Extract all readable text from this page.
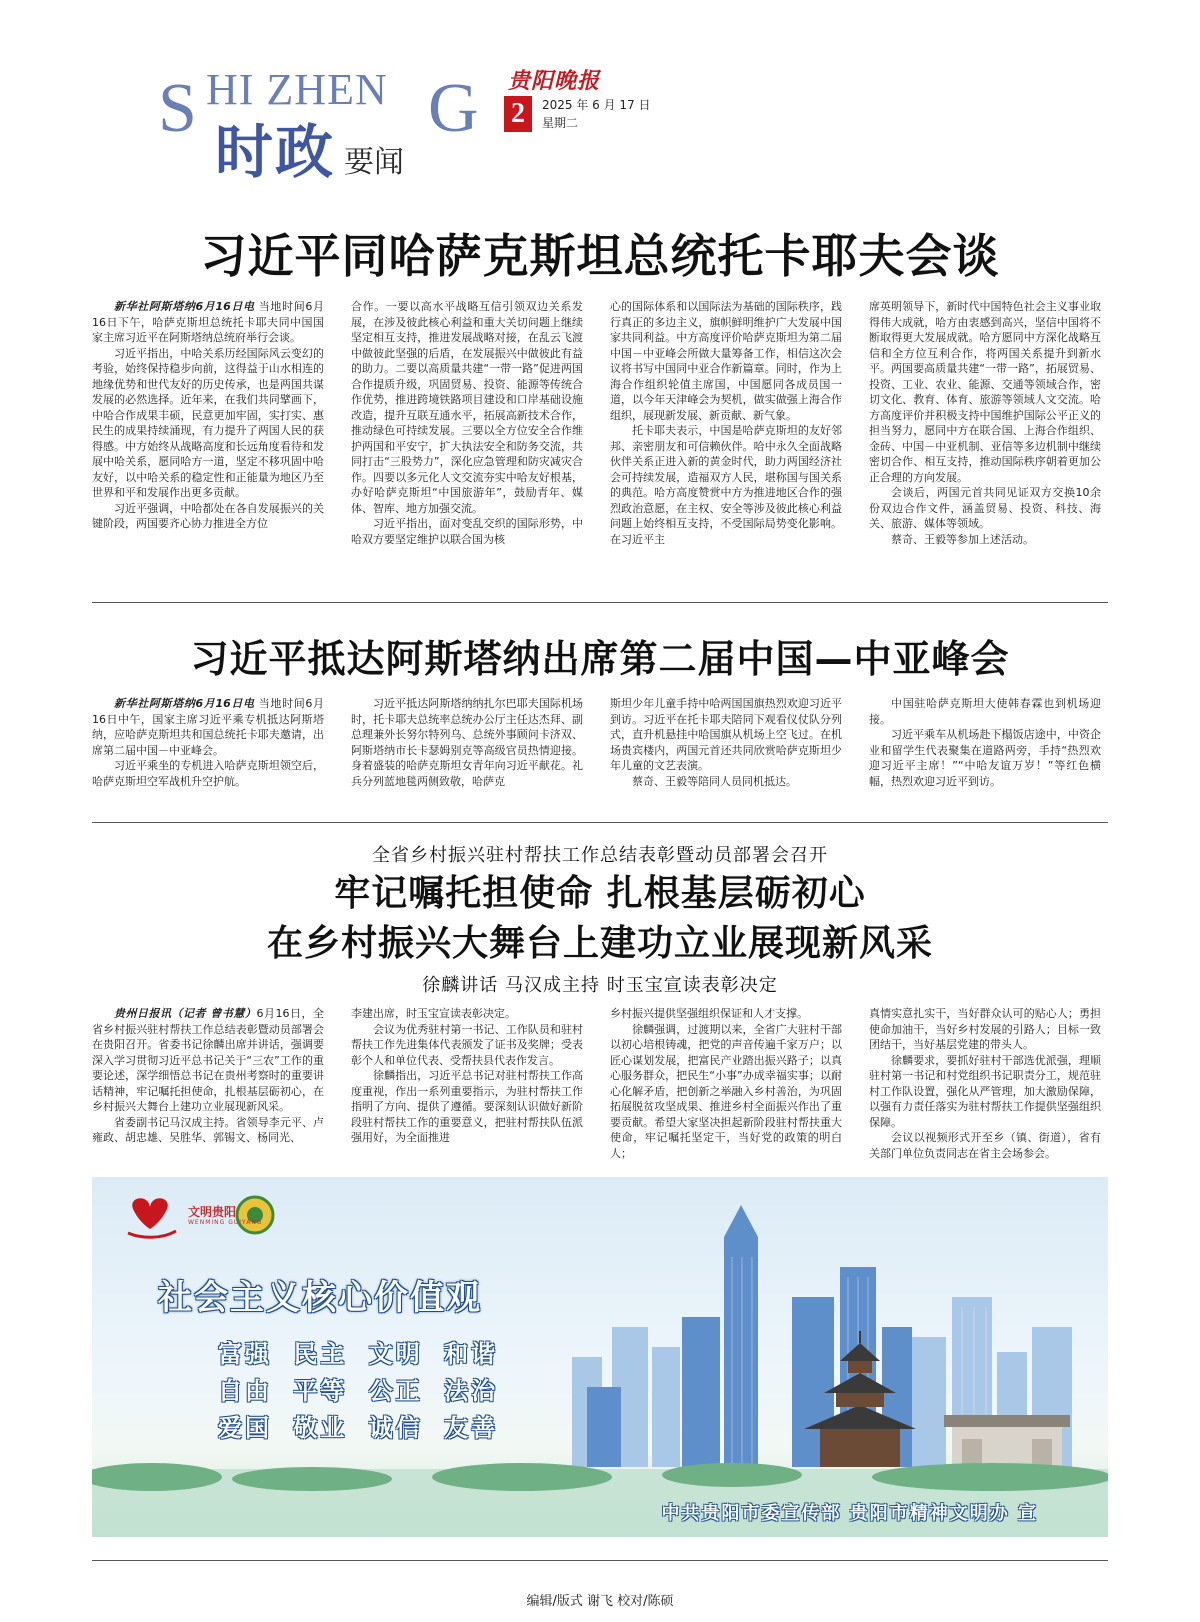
S HI ZHEN G
时政 要闻
贵阳晚报
2	2025 年 6 月 17 日
星期二
习近平同哈萨克斯坦总统托卡耶夫会谈

新华社阿斯塔纳6月16日电 当地时间6月16日下午，哈萨克斯坦总统托卡耶夫同中国国家主席习近平在阿斯塔纳总统府举行会谈。

习近平指出，中哈关系历经国际风云变幻的考验，始终保持稳步向前，这得益于山水相连的地缘优势和世代友好的历史传承，也是两国共谋发展的必然选择。近年来，在我们共同擘画下，中哈合作成果丰硕，民意更加牢固，实打实、惠民生的成果持续涌现，有力提升了两国人民的获得感。中方始终从战略高度和长远角度看待和发展中哈关系，愿同哈方一道，坚定不移巩固中哈友好，以中哈关系的稳定性和正能量为地区乃至世界和平和发展作出更多贡献。

习近平强调，中哈都处在各自发展振兴的关键阶段，两国要齐心协力推进全方位

合作。一要以高水平战略互信引领双边关系发展，在涉及彼此核心利益和重大关切问题上继续坚定相互支持，推进发展战略对接，在乱云飞渡中做彼此坚强的后盾，在发展振兴中做彼此有益的助力。二要以高质量共建“一带一路”促进两国合作提质升级，巩固贸易、投资、能源等传统合作优势，推进跨境铁路项目建设和口岸基础设施改造，提升互联互通水平，拓展高新技术合作，推动绿色可持续发展。三要以全方位安全合作维护两国和平安宁，扩大执法安全和防务交流，共同打击“三股势力”，深化应急管理和防灾减灾合作。四要以多元化人文交流夯实中哈友好根基，办好哈萨克斯坦“中国旅游年”，鼓励青年、媒体、智库、地方加强交流。

习近平指出，面对变乱交织的国际形势，中哈双方要坚定维护以联合国为核

心的国际体系和以国际法为基础的国际秩序，践行真正的多边主义，旗帜鲜明维护广大发展中国家共同利益。中方高度评价哈萨克斯坦为第二届中国－中亚峰会所做大量筹备工作，相信这次会议将书写中国同中亚合作新篇章。同时，作为上海合作组织轮值主席国，中国愿同各成员国一道，以今年天津峰会为契机，做实做强上海合作组织，展现新发展、新贡献、新气象。

托卡耶夫表示，中国是哈萨克斯坦的友好邻邦、亲密朋友和可信赖伙伴。哈中永久全面战略伙伴关系正进入新的黄金时代，助力两国经济社会可持续发展，造福双方人民，堪称国与国关系的典范。哈方高度赞赏中方为推进地区合作的强烈政治意愿，在主权、安全等涉及彼此核心利益问题上始终相互支持，不受国际局势变化影响。在习近平主

席英明领导下，新时代中国特色社会主义事业取得伟大成就，哈方由衷感到高兴，坚信中国将不断取得更大发展成就。哈方愿同中方深化战略互信和全方位互利合作，将两国关系提升到新水平。两国要高质量共建“一带一路”，拓展贸易、投资、工业、农业、能源、交通等领域合作，密切文化、教育、体育、旅游等领域人文交流。哈方高度评价并积极支持中国维护国际公平正义的担当努力，愿同中方在联合国、上海合作组织、金砖、中国－中亚机制、亚信等多边机制中继续密切合作、相互支持，推动国际秩序朝着更加公正合理的方向发展。

会谈后，两国元首共同见证双方交换10余份双边合作文件，涵盖贸易、投资、科技、海关、旅游、媒体等领域。

蔡奇、王毅等参加上述活动。

习近平抵达阿斯塔纳出席第二届中国—中亚峰会

新华社阿斯塔纳6月16日电 当地时间6月16日中午，国家主席习近平乘专机抵达阿斯塔纳，应哈萨克斯坦共和国总统托卡耶夫邀请，出席第二届中国－中亚峰会。

习近平乘坐的专机进入哈萨克斯坦领空后，哈萨克斯坦空军战机升空护航。

习近平抵达阿斯塔纳纳扎尔巴耶夫国际机场时，托卡耶夫总统率总统办公厅主任达杰拜、副总理兼外长努尔特列乌、总统外事顾问卡济双、阿斯塔纳市长卡瑟姆别克等高级官员热情迎接。身着盛装的哈萨克斯坦女青年向习近平献花。礼兵分列蓝地毯两侧致敬，哈萨克

斯坦少年儿童手持中哈两国国旗热烈欢迎习近平到访。习近平在托卡耶夫陪同下观看仪仗队分列式，直升机悬挂中哈国旗从机场上空飞过。在机场贵宾楼内，两国元首还共同欣赏哈萨克斯坦少年儿童的文艺表演。

蔡奇、王毅等陪同人员同机抵达。

中国驻哈萨克斯坦大使韩春霖也到机场迎接。

习近平乘车从机场赴下榻饭店途中，中资企业和留学生代表聚集在道路两旁，手持“热烈欢迎习近平主席！”“中哈友谊万岁！”等红色横幅，热烈欢迎习近平到访。

全省乡村振兴驻村帮扶工作总结表彰暨动员部署会召开
牢记嘱托担使命 扎根基层砺初心
在乡村振兴大舞台上建功立业展现新风采
徐麟讲话 马汉成主持 时玉宝宣读表彰决定

贵州日报讯（记者 曾书慧）6月16日，全省乡村振兴驻村帮扶工作总结表彰暨动员部署会在贵阳召开。省委书记徐麟出席并讲话，强调要深入学习贯彻习近平总书记关于“三农”工作的重要论述，深学细悟总书记在贵州考察时的重要讲话精神，牢记嘱托担使命，扎根基层砺初心，在乡村振兴大舞台上建功立业展现新风采。

省委副书记马汉成主持。省领导李元平、卢雍政、胡忠雄、吴胜华、郭锡文、杨同光、

李建出席，时玉宝宣读表彰决定。

会议为优秀驻村第一书记、工作队员和驻村帮扶工作先进集体代表颁发了证书及奖牌；受表彰个人和单位代表、受帮扶县代表作发言。

徐麟指出，习近平总书记对驻村帮扶工作高度重视，作出一系列重要指示，为驻村帮扶工作指明了方向、提供了遵循。要深刻认识做好新阶段驻村帮扶工作的重要意义，把驻村帮扶队伍派强用好，为全面推进

乡村振兴提供坚强组织保证和人才支撑。

徐麟强调，过渡期以来，全省广大驻村干部以初心培根铸魂，把党的声音传遍千家万户；以匠心谋划发展，把富民产业踏出振兴路子；以真心服务群众，把民生“小事”办成幸福实事；以耐心化解矛盾，把创新之举融入乡村善治，为巩固拓展脱贫攻坚成果、推进乡村全面振兴作出了重要贡献。希望大家坚决担起新阶段驻村帮扶重大使命，牢记嘱托坚定干，当好党的政策的明白人；

真情实意扎实干，当好群众认可的贴心人；勇担使命加油干，当好乡村发展的引路人；目标一致团结干，当好基层党建的带头人。

徐麟要求，要抓好驻村干部选优派强，理顺驻村第一书记和村党组织书记职责分工，规范驻村工作队设置，强化从严管理，加大激励保障，以强有力责任落实为驻村帮扶工作提供坚强组织保障。

会议以视频形式开至乡（镇、街道），省有关部门单位负责同志在省主会场参会。

文明贵阳
WENMING GUIYANG
社会主义核心价值观
富强 民主 文明 和谐
自由 平等 公正 法治
爱国 敬业 诚信 友善
中共贵阳市委宣传部 贵阳市精神文明办 宣
编辑/版式 谢飞 校对/陈硕
